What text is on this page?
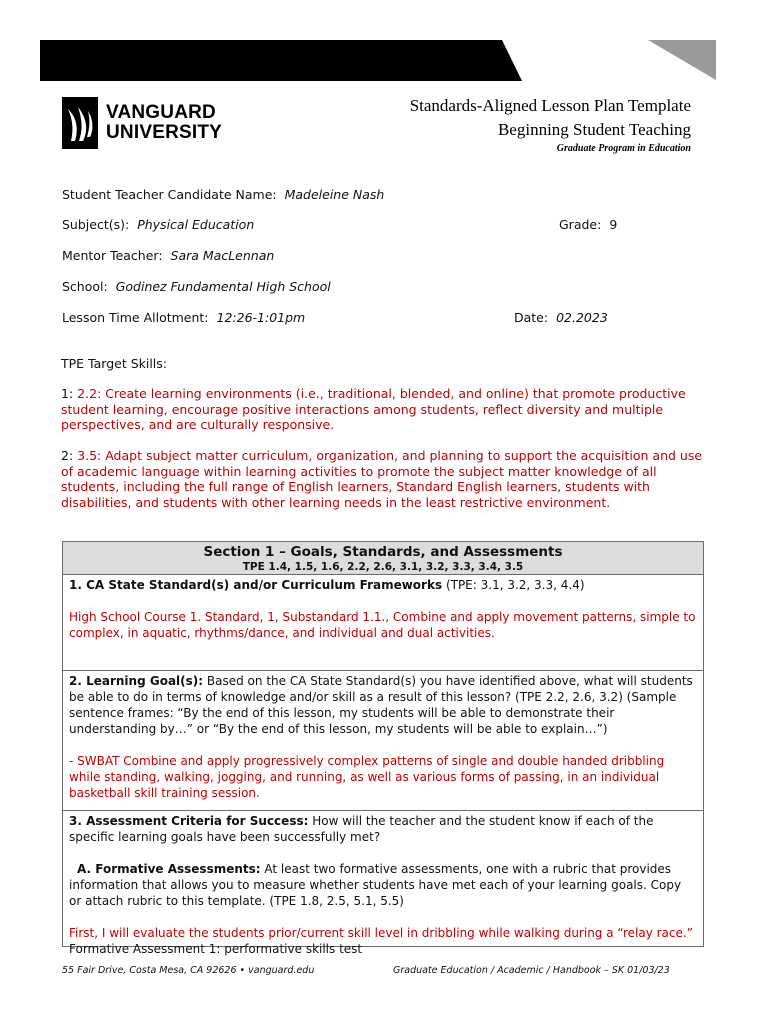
VANGUARD
UNIVERSITY
Standards-Aligned Lesson Plan Template
Beginning Student Teaching
Graduate Program in Education
Student Teacher Candidate Name: Madeleine Nash
Subject(s): Physical Education	Grade: 9
Mentor Teacher: Sara MacLennan
School: Godinez Fundamental High School
Lesson Time Allotment: 12:26-1:01pm	Date: 02.2023
TPE Target Skills:
1: 2.2: Create learning environments (i.e., traditional, blended, and online) that promote productive student learning, encourage positive interactions among students, reflect diversity and multiple perspectives, and are culturally responsive.
2: 3.5: Adapt subject matter curriculum, organization, and planning to support the acquisition and use of academic language within learning activities to promote the subject matter knowledge of all students, including the full range of English learners, Standard English learners, students with disabilities, and students with other learning needs in the least restrictive environment.
Section 1 – Goals, Standards, and Assessments
TPE 1.4, 1.5, 1.6, 2.2, 2.6, 3.1, 3.2, 3.3, 3.4, 3.5

1. CA State Standard(s) and/or Curriculum Frameworks (TPE: 3.1, 3.2, 3.3, 4.4)

High School Course 1. Standard, 1, Substandard 1.1., Combine and apply movement patterns, simple to complex, in aquatic, rhythms/dance, and individual and dual activities.

2. Learning Goal(s): Based on the CA State Standard(s) you have identified above, what will students be able to do in terms of knowledge and/or skill as a result of this lesson? (TPE 2.2, 2.6, 3.2) (Sample sentence frames: “By the end of this lesson, my students will be able to demonstrate their understanding by…” or “By the end of this lesson, my students will be able to explain…”)

- SWBAT Combine and apply progressively complex patterns of single and double handed dribbling while standing, walking, jogging, and running, as well as various forms of passing, in an individual basketball skill training session.

3. Assessment Criteria for Success: How will the teacher and the student know if each of the specific learning goals have been successfully met?

A. Formative Assessments: At least two formative assessments, one with a rubric that provides information that allows you to measure whether students have met each of your learning goals. Copy or attach rubric to this template. (TPE 1.8, 2.5, 5.1, 5.5)

First, I will evaluate the students prior/current skill level in dribbling while walking during a “relay race.”

Formative Assessment 1: performative skills test

55 Fair Drive, Costa Mesa, CA 92626 • vanguard.edu	Graduate Education / Academic / Handbook – SK 01/03/23
